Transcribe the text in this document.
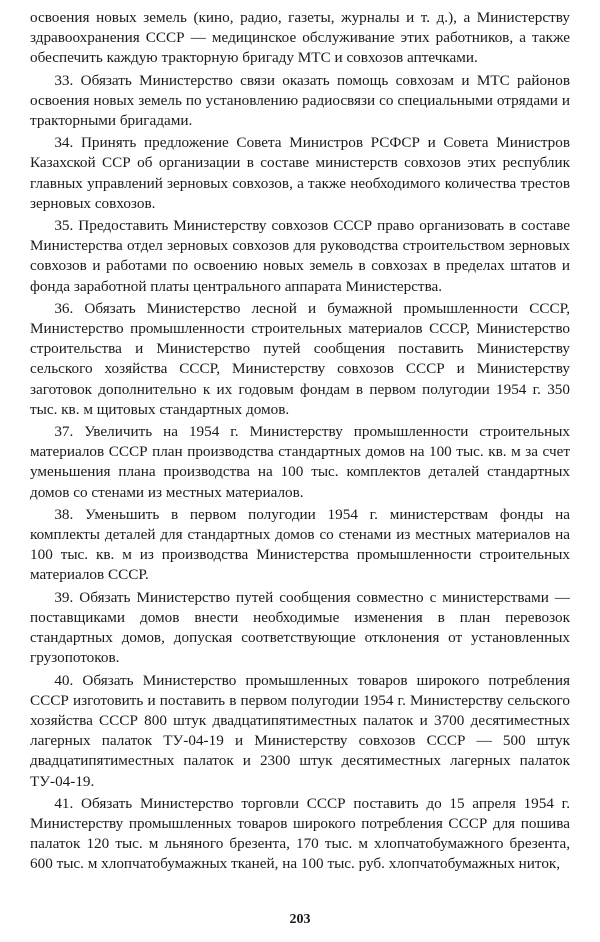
освоения новых земель (кино, радио, газеты, журналы и т. д.), а Министерству здравоохранения СССР — медицинское обслуживание этих работников, а также обеспечить каждую тракторную бригаду МТС и совхозов аптечками.

33. Обязать Министерство связи оказать помощь совхозам и МТС районов освоения новых земель по установлению радиосвязи со специальными отрядами и тракторными бригадами.

34. Принять предложение Совета Министров РСФСР и Совета Министров Казахской ССР об организации в составе министерств совхозов этих республик главных управлений зерновых совхозов, а также необходимого количества трестов зерновых совхозов.

35. Предоставить Министерству совхозов СССР право организовать в составе Министерства отдел зерновых совхозов для руководства строительством зерновых совхозов и работами по освоению новых земель в совхозах в пределах штатов и фонда заработной платы центрального аппарата Министерства.

36. Обязать Министерство лесной и бумажной промышленности СССР, Министерство промышленности строительных материалов СССР, Министерство строительства и Министерство путей сообщения поставить Министерству сельского хозяйства СССР, Министерству совхозов СССР и Министерству заготовок дополнительно к их годовым фондам в первом полугодии 1954 г. 350 тыс. кв. м щитовых стандартных домов.

37. Увеличить на 1954 г. Министерству промышленности строительных материалов СССР план производства стандартных домов на 100 тыс. кв. м за счет уменьшения плана производства на 100 тыс. комплектов деталей стандартных домов со стенами из местных материалов.

38. Уменьшить в первом полугодии 1954 г. министерствам фонды на комплекты деталей для стандартных домов со стенами из местных материалов на 100 тыс. кв. м из производства Министерства промышленности строительных материалов СССР.

39. Обязать Министерство путей сообщения совместно с министерствами — поставщиками домов внести необходимые изменения в план перевозок стандартных домов, допуская соответствующие отклонения от установленных грузопотоков.

40. Обязать Министерство промышленных товаров широкого потребления СССР изготовить и поставить в первом полугодии 1954 г. Министерству сельского хозяйства СССР 800 штук двадцатипятиместных палаток и 3700 десятиместных лагерных палаток ТУ-04-19 и Министерству совхозов СССР — 500 штук двадцатипятиместных палаток и 2300 штук десятиместных лагерных палаток ТУ-04-19.

41. Обязать Министерство торговли СССР поставить до 15 апреля 1954 г. Министерству промышленных товаров широкого потребления СССР для пошива палаток 120 тыс. м льняного брезента, 170 тыс. м хлопчатобумажного брезента, 600 тыс. м хлопчатобумажных тканей, на 100 тыс. руб. хлопчатобумажных ниток,

203
